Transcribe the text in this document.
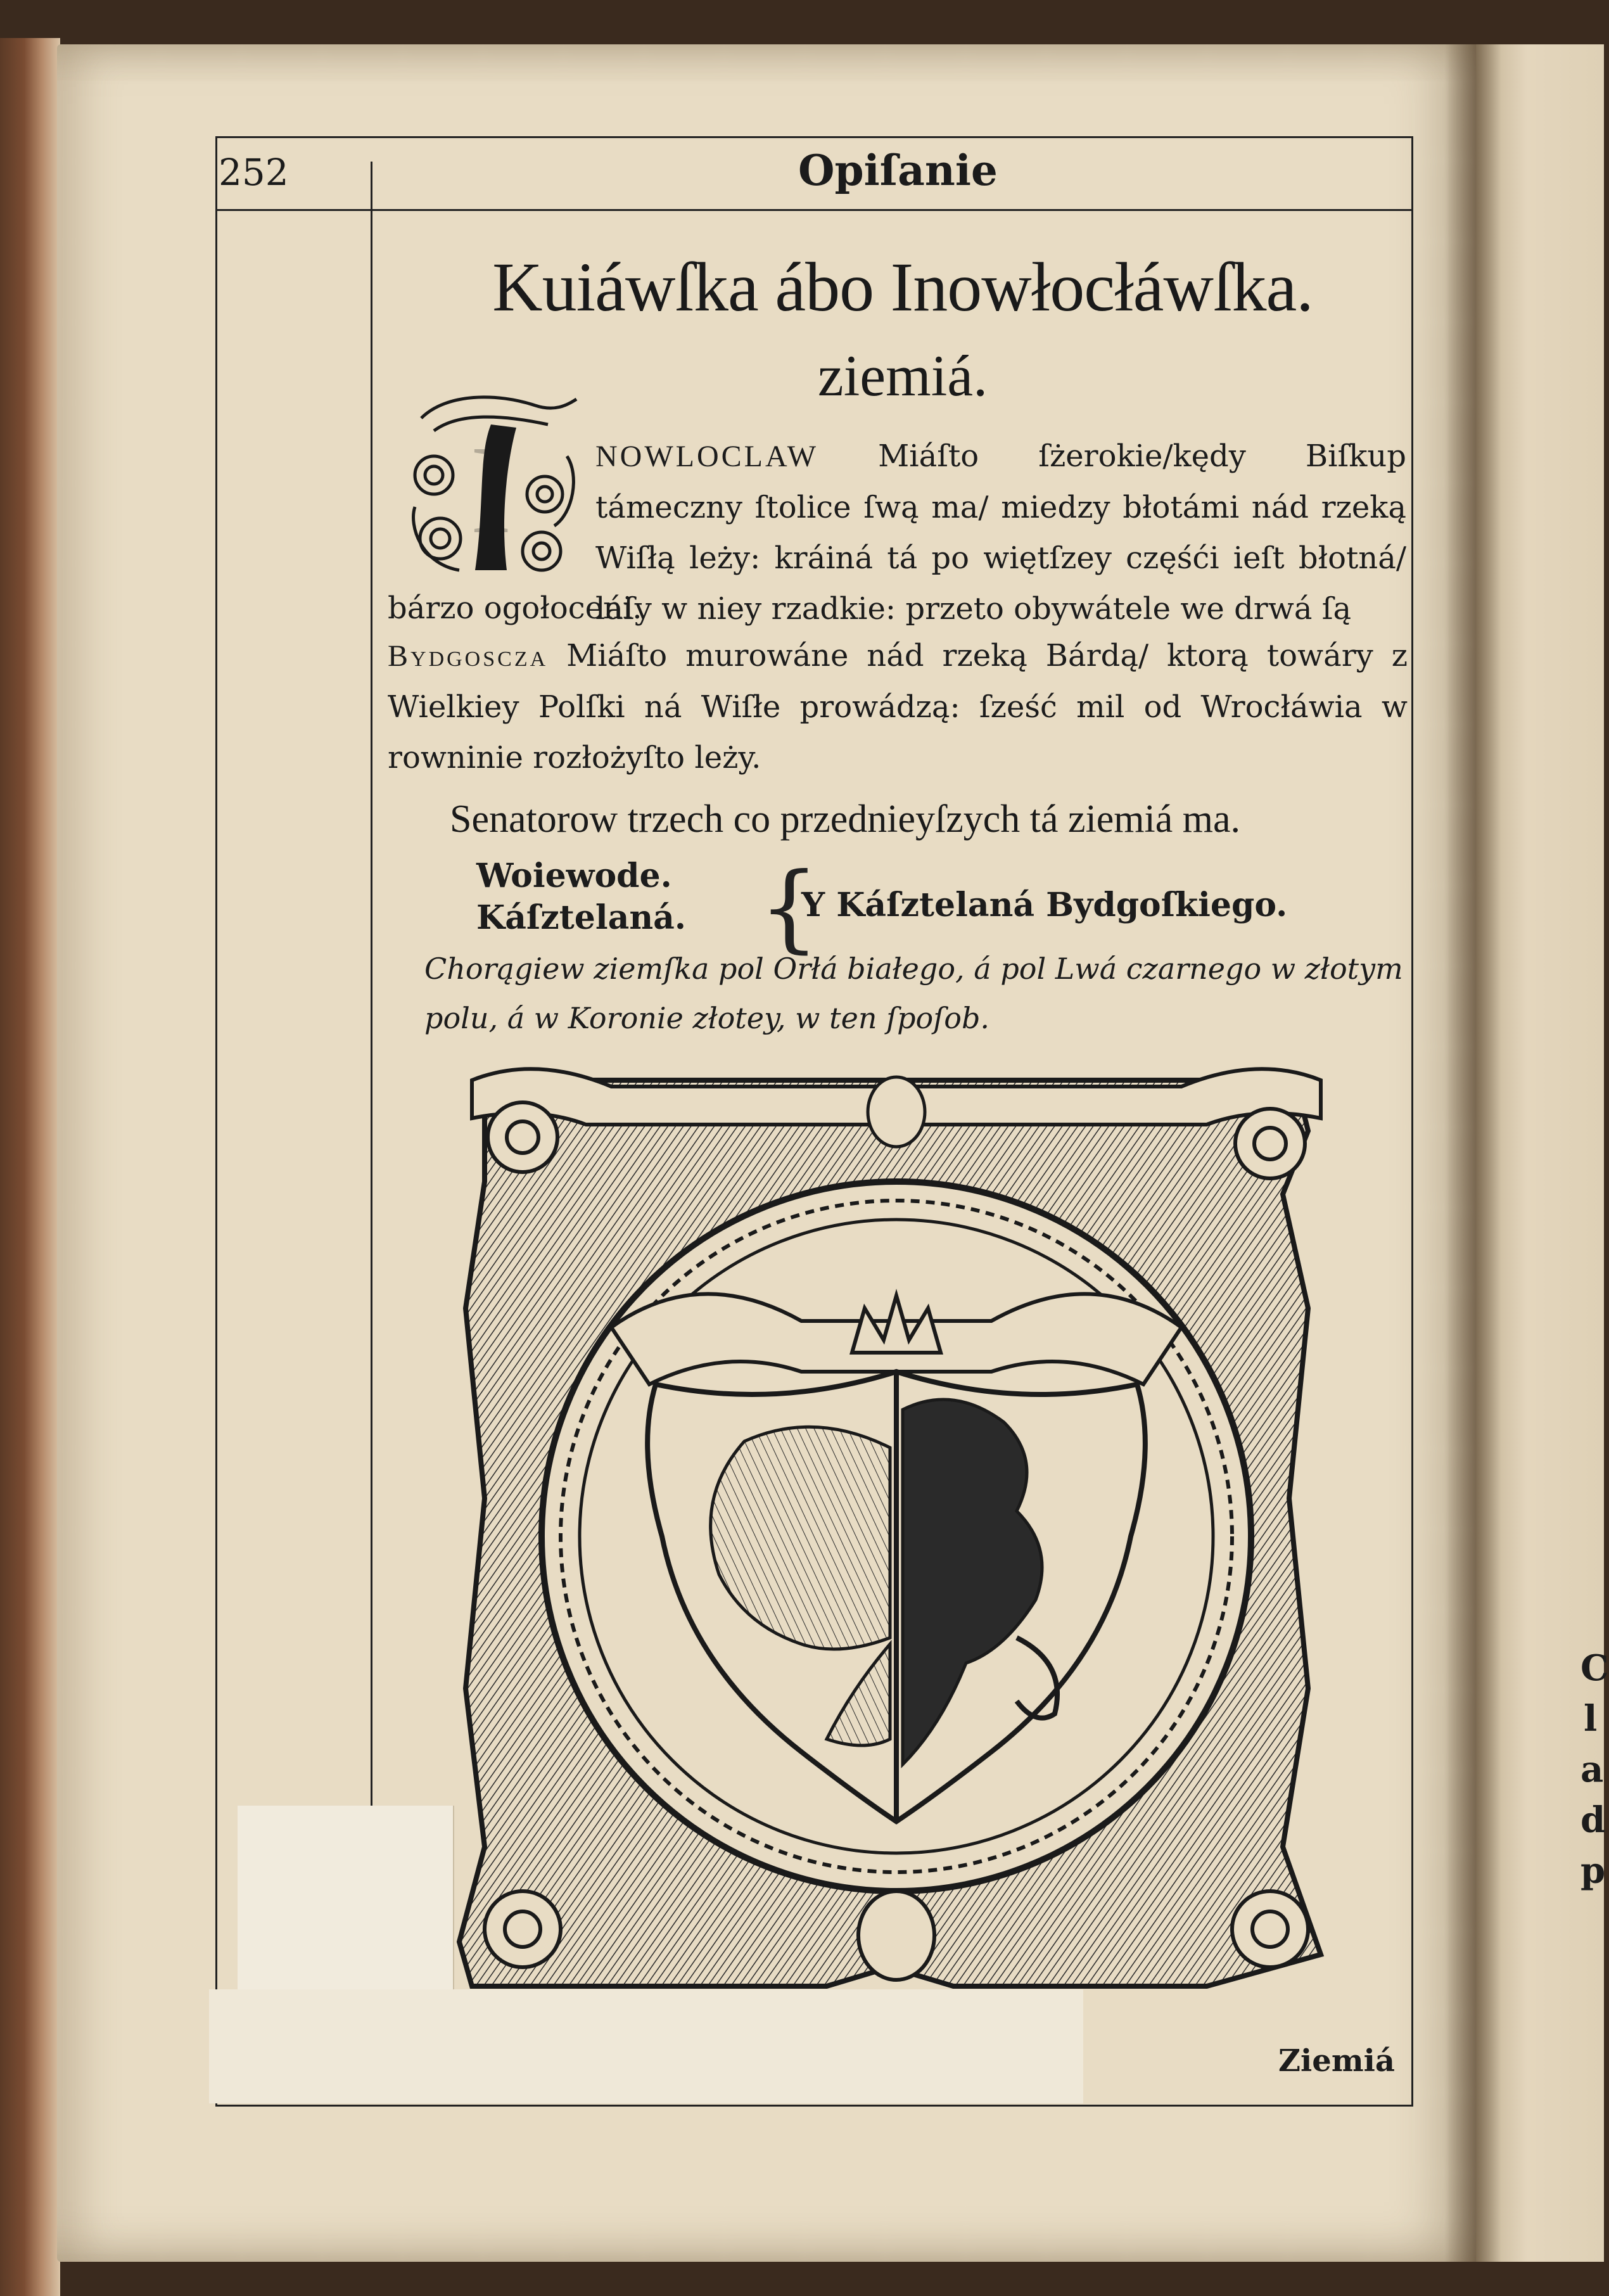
252	Opiſanie
Kuiáwſka ábo Inowłocłáwſka.
ziemiá.
I	NOWLOCLAW Miáſto ſżerokie/kędy Biſkup támeczny ſtolice ſwą ma/ miedzy błotámi nád rzeką Wiſłą leży: kráiná tá po więtſzey częśći ieſt błotná/ láſy w niey rzadkie: przeto obywátele we drwá ſą
bárzo ogołoceni.
Bydgoscza Miáſto murowáne nád rzeką Bárdą/ ktorą towáry z Wielkiey Polſki ná Wiſłe prowádzą: ſześć mil od Wrocłáwia w rowninie rozłożyſto leży.
Senatorow trzech co przednieyſzych tá ziemiá ma.
Woiewode.
Káſztelaná. {
Y Káſztelaná Bydgoſkiego.
Chorągiew ziemſka pol Orłá białego, á pol Lwá czarnego w złotym polu, á w Koronie złotey, w ten ſpoſob.
Ziemiá
C
l
a
d
p
